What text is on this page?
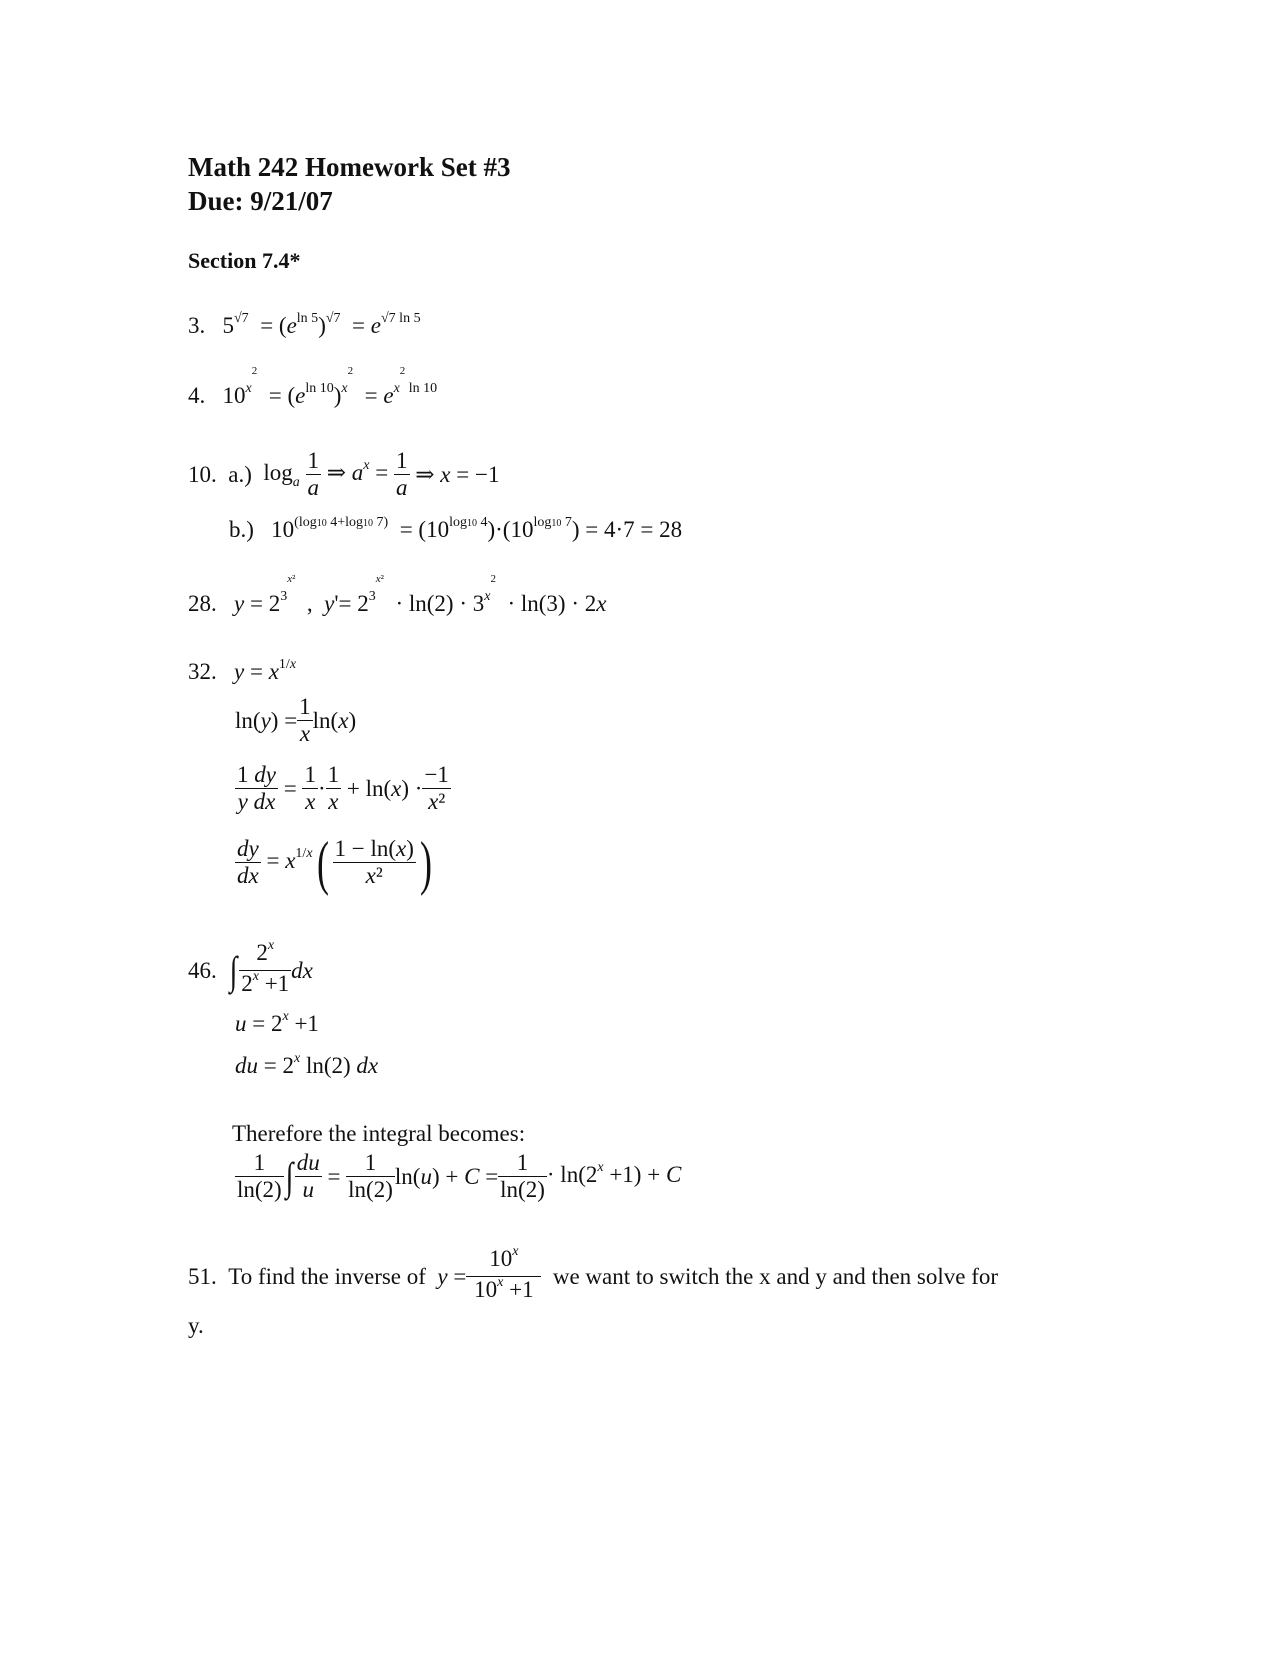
Math 242 Homework Set #3
Due: 9/21/07
Section 7.4*
3.   $5^{√7} = (e^{ln 5})^{√7} = e^{√7 ln 5}$
4.   $10^{x^2} = (e^{ln 10})^{x^2} = e^{x^2 ln 10}$
10.
a.) $\log_a \frac{1}{a}$ ⇒ $a^x = \frac{1}{a}$ ⇒ x = −1
b.)   $10^{(log10 4+log10 7)} = (10^{log10 4})\cdot(10^{log10 7}) = 4\cdot 7 = 28$
28. $y = 2^{3^{x^2}}$  ,  $y'= 2^{3^{x^2}} \cdot \ln(2) \cdot 3^{x^2} \cdot \ln(3) \cdot 2x$
32. $y = x^{1/x}$
$\ln(y) = \frac{1}{x} \ln(x)$
$\frac{1 dy}{\text{y dx}} = \frac{1}{x} \cdot \frac{1}{x} + \ln(x) \cdot \frac{-1}{\text{x²}}$
$\frac{dy}{dx} = x^{1/x}$ ( $\frac{1 - \ln(x)}{\text{x²}}$ )
46.
∫ $\frac{2^x}{2^x +1}$ dx
$u = 2^x +1$
du = $2^x$ ln(2) dx
Therefore the integral becomes:
$\frac{1}{\ln(2)}$ ∫ $\frac{du}{u} = \frac{1}{\ln(2)} \ln(u) + C = \frac{1}{\ln(2)} \cdot \ln(2^x +1) + C$
51.
To find the inverse of $y = \frac{10^x}{10^x +1}$
we want to switch the x and y and then solve for
y.
